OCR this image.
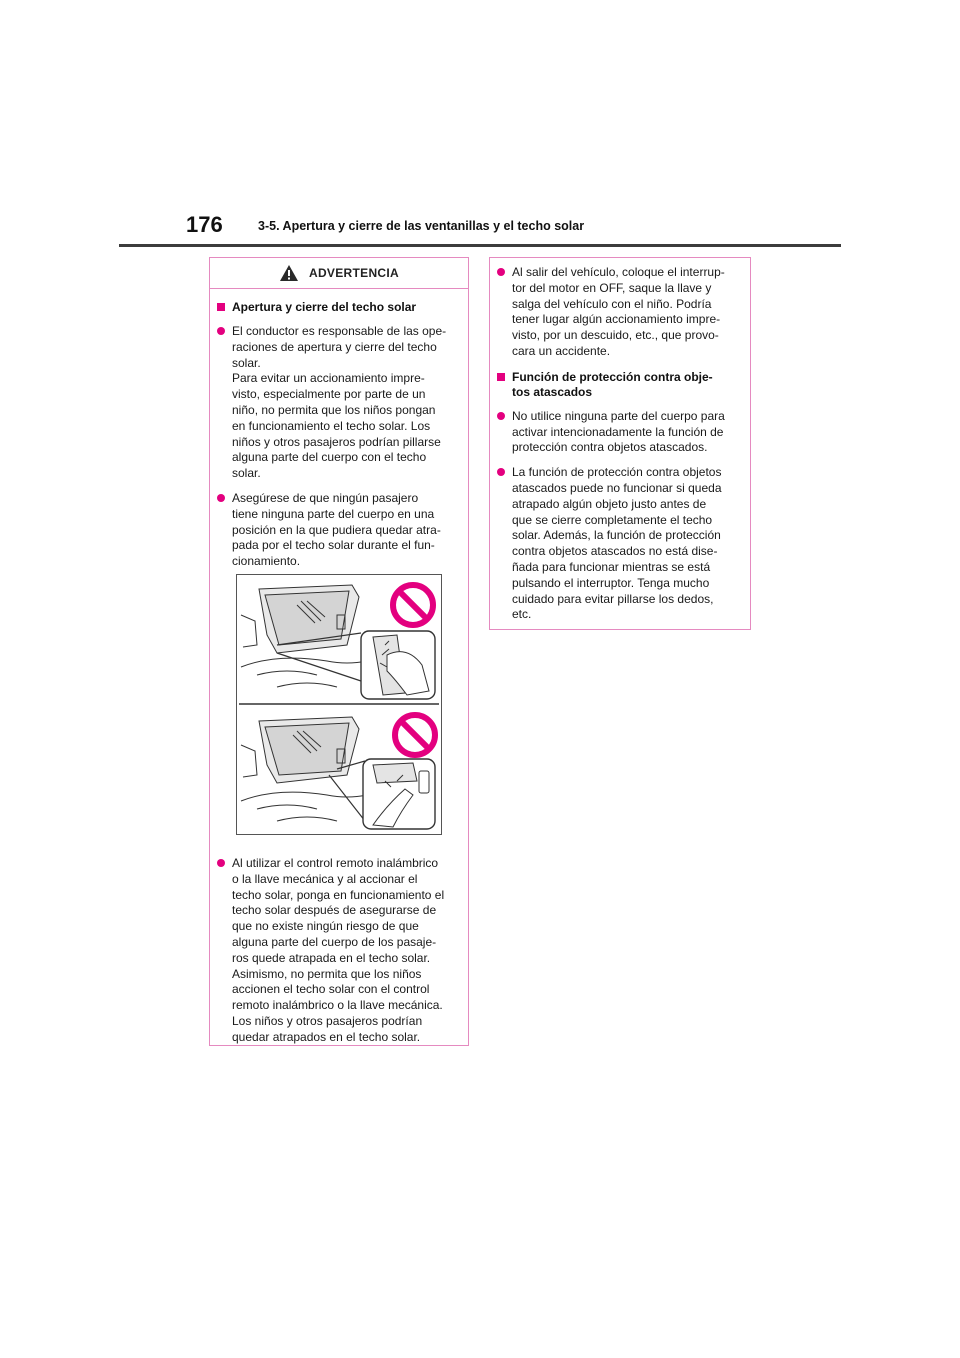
176	3-5. Apertura y cierre de las ventanillas y el techo solar
ADVERTENCIA
Apertura y cierre del techo solar
El conductor es responsable de las ope-
raciones de apertura y cierre del techo
solar.
Para evitar un accionamiento impre-
visto, especialmente por parte de un
niño, no permita que los niños pongan
en funcionamiento el techo solar. Los
niños y otros pasajeros podrían pillarse
alguna parte del cuerpo con el techo
solar.
Asegúrese de que ningún pasajero
tiene ninguna parte del cuerpo en una
posición en la que pudiera quedar atra-
pada por el techo solar durante el fun-
cionamiento.
Al utilizar el control remoto inalámbrico
o la llave mecánica y al accionar el
techo solar, ponga en funcionamiento el
techo solar después de asegurarse de
que no existe ningún riesgo de que
alguna parte del cuerpo de los pasaje-
ros quede atrapada en el techo solar.
Asimismo, no permita que los niños
accionen el techo solar con el control
remoto inalámbrico o la llave mecánica.
Los niños y otros pasajeros podrían
quedar atrapados en el techo solar.
Al salir del vehículo, coloque el interrup-
tor del motor en OFF, saque la llave y
salga del vehículo con el niño. Podría
tener lugar algún accionamiento impre-
visto, por un descuido, etc., que provo-
cara un accidente.
Función de protección contra obje-
tos atascados
No utilice ninguna parte del cuerpo para
activar intencionadamente la función de
protección contra objetos atascados.
La función de protección contra objetos
atascados puede no funcionar si queda
atrapado algún objeto justo antes de
que se cierre completamente el techo
solar. Además, la función de protección
contra objetos atascados no está dise-
ñada para funcionar mientras se está
pulsando el interruptor. Tenga mucho
cuidado para evitar pillarse los dedos,
etc.
